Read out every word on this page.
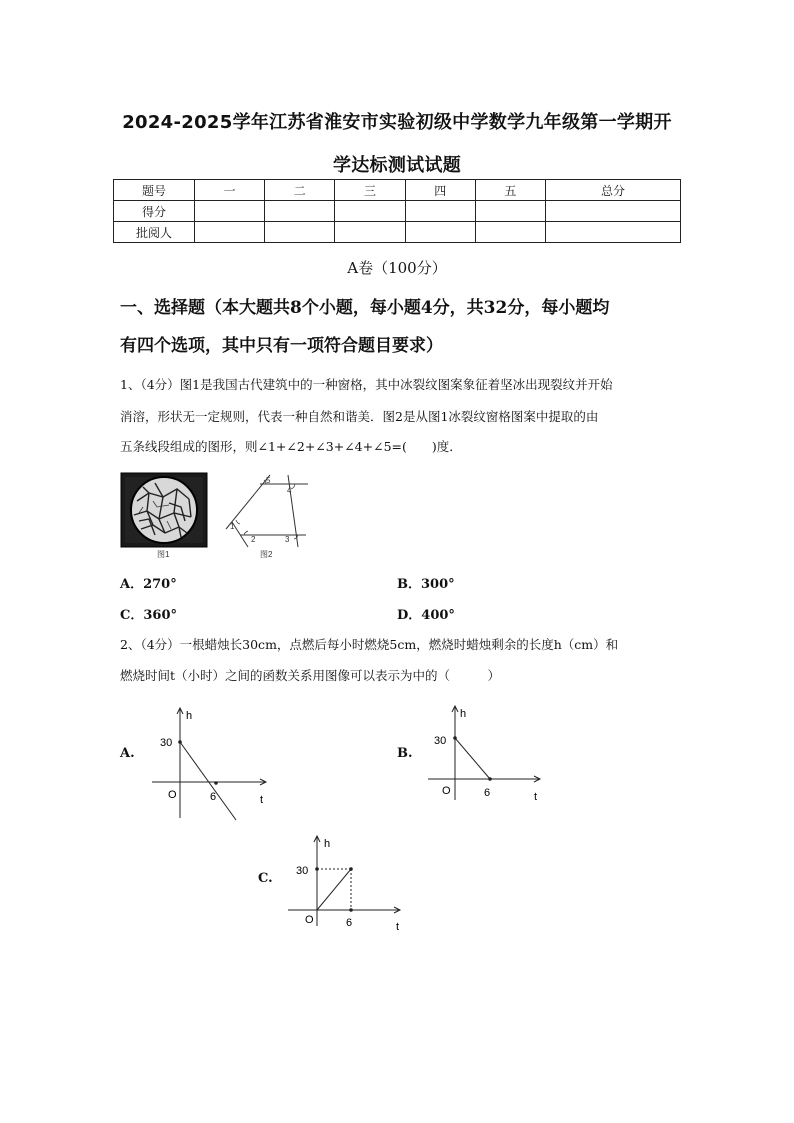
2024-2025学年江苏省淮安市实验初级中学数学九年级第一学期开
学达标测试试题
题号	一	二	三	四	五	总分
得分						
批阅人						
A卷（100分）
一、选择题（本大题共8个小题，每小题4分，共32分，每小题均
有四个选项，其中只有一项符合题目要求）
1、（4分）图1是我国古代建筑中的一种窗格，其中冰裂纹图案象征着坚冰出现裂纹并开始
消溶，形状无一定规则，代表一种自然和谐美．图2是从图1冰裂纹窗格图案中提取的由
五条线段组成的图形，则∠1+∠2+∠3+∠4+∠5=(　　)度．
图1
1
2	3
4
5
图2
A．270°	B．300°
C．360°	D．400°
2、（4分）一根蜡烛长30cm，点燃后每小时燃烧5cm，燃烧时蜡烛剩余的长度h（cm）和
燃烧时间t（小时）之间的函数关系用图像可以表示为中的（　　　）
A.
h
30
O	6	t
B.
h
30
O	6	t
C.
h
30
O	6	t
